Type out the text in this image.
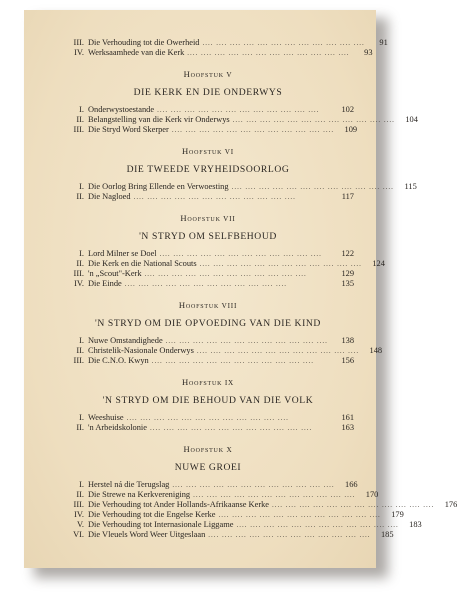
III. Die Verhouding tot die Owerheid .... .... .... .... .... .... .... .... .... .... .... ....	91
IV. Werksaamhede van die Kerk .... .... .... .... .... .... .... .... .... .... .... ....	93
Hoofstuk V
DIE KERK EN DIE ONDERWYS
I. Onderwystoestande .... .... .... .... .... .... .... .... .... .... .... ....	102
II. Belangstelling van die Kerk vir Onderwys .... .... .... .... .... .... .... .... .... .... .... ....	104
III. Die Stryd Word Skerper .... .... .... .... .... .... .... .... .... .... .... ....	109
Hoofstuk VI
DIE TWEEDE VRYHEIDSOORLOG
I. Die Oorlog Bring Ellende en Verwoesting .... .... .... .... .... .... .... .... .... .... .... ....	115
II. Die Nagloed .... .... .... .... .... .... .... .... .... .... .... ....	117
Hoofstuk VII
'N STRYD OM SELFBEHOUD
I. Lord Milner se Doel .... .... .... .... .... .... .... .... .... .... .... ....	122
II. Die Kerk en die National Scouts .... .... .... .... .... .... .... .... .... .... .... ....	124
III. 'n „Scout"-Kerk .... .... .... .... .... .... .... .... .... .... .... ....	129
IV. Die Einde .... .... .... .... .... .... .... .... .... .... .... ....	135
Hoofstuk VIII
'N STRYD OM DIE OPVOEDING VAN DIE KIND
I. Nuwe Omstandighede .... .... .... .... .... .... .... .... .... .... .... ....	138
II. Christelik-Nasionale Onderwys .... .... .... .... .... .... .... .... .... .... .... ....	148
III. Die C.N.O. Kwyn .... .... .... .... .... .... .... .... .... .... .... ....	156
Hoofstuk IX
'N STRYD OM DIE BEHOUD VAN DIE VOLK
I. Weeshuise .... .... .... .... .... .... .... .... .... .... .... ....	161
II. 'n Arbeidskolonie .... .... .... .... .... .... .... .... .... .... .... ....	163
Hoofstuk X
NUWE GROEI
I. Herstel ná die Terugslag .... .... .... .... .... .... .... .... .... .... .... ....	166
II. Die Strewe na Kerkvereniging .... .... .... .... .... .... .... .... .... .... .... ....	170
III. Die Verhouding tot Ander Hollands-Afrikaanse Kerke .... .... .... .... .... .... .... .... .... .... .... ....	176
IV. Die Verhouding tot die Engelse Kerke .... .... .... .... .... .... .... .... .... .... .... ....	179
V. Die Verhouding tot Internasionale Liggame .... .... .... .... .... .... .... .... .... .... .... ....	183
VI. Die Vleuels Word Weer Uitgeslaan .... .... .... .... .... .... .... .... .... .... .... ....	185
